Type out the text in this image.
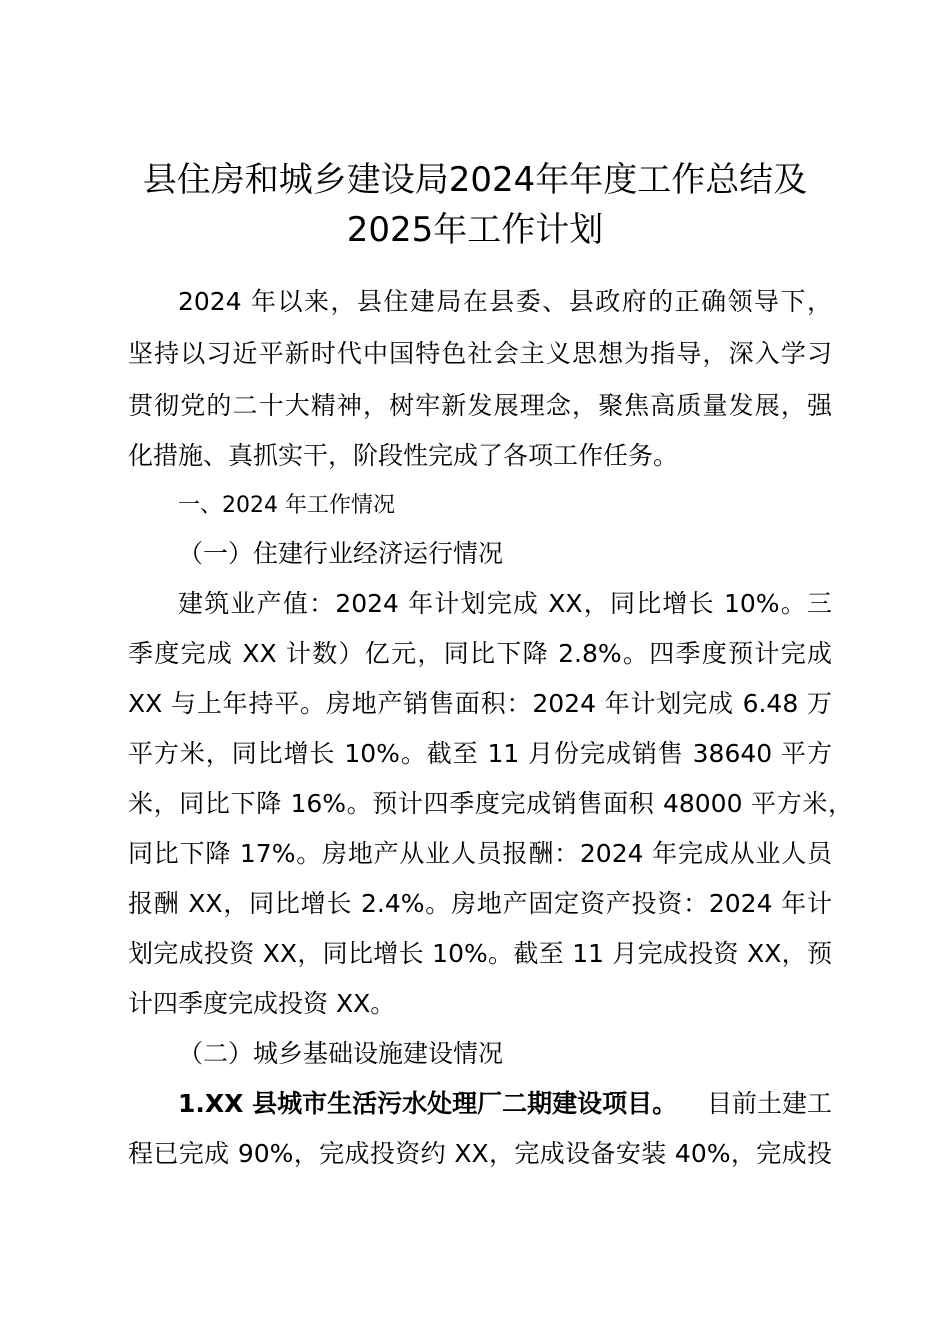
县住房和城乡建设局2024年年度工作总结及
2025年工作计划
2024 年以来，县住建局在县委、县政府的正确领导下，
坚持以习近平新时代中国特色社会主义思想为指导，深入学习
贯彻党的二十大精神，树牢新发展理念，聚焦高质量发展，强
化措施、真抓实干，阶段性完成了各项工作任务。
一、2024 年工作情况
（一）住建行业经济运行情况
建筑业产值：2024 年计划完成 XX，同比增长 10%。三
季度完成 XX 计数）亿元，同比下降 2.8%。四季度预计完成
XX 与上年持平。房地产销售面积：2024 年计划完成 6.48 万
平方米，同比增长 10%。截至 11 月份完成销售 38640 平方
米，同比下降 16%。预计四季度完成销售面积 48000 平方米，
同比下降 17%。房地产从业人员报酬：2024 年完成从业人员
报酬 XX，同比增长 2.4%。房地产固定资产投资：2024 年计
划完成投资 XX，同比增长 10%。截至 11 月完成投资 XX，预
计四季度完成投资 XX。
（二）城乡基础设施建设情况
1.XX 县城市生活污水处理厂二期建设项目。 目前土建工
程已完成 90%，完成投资约 XX，完成设备安装 40%，完成投
